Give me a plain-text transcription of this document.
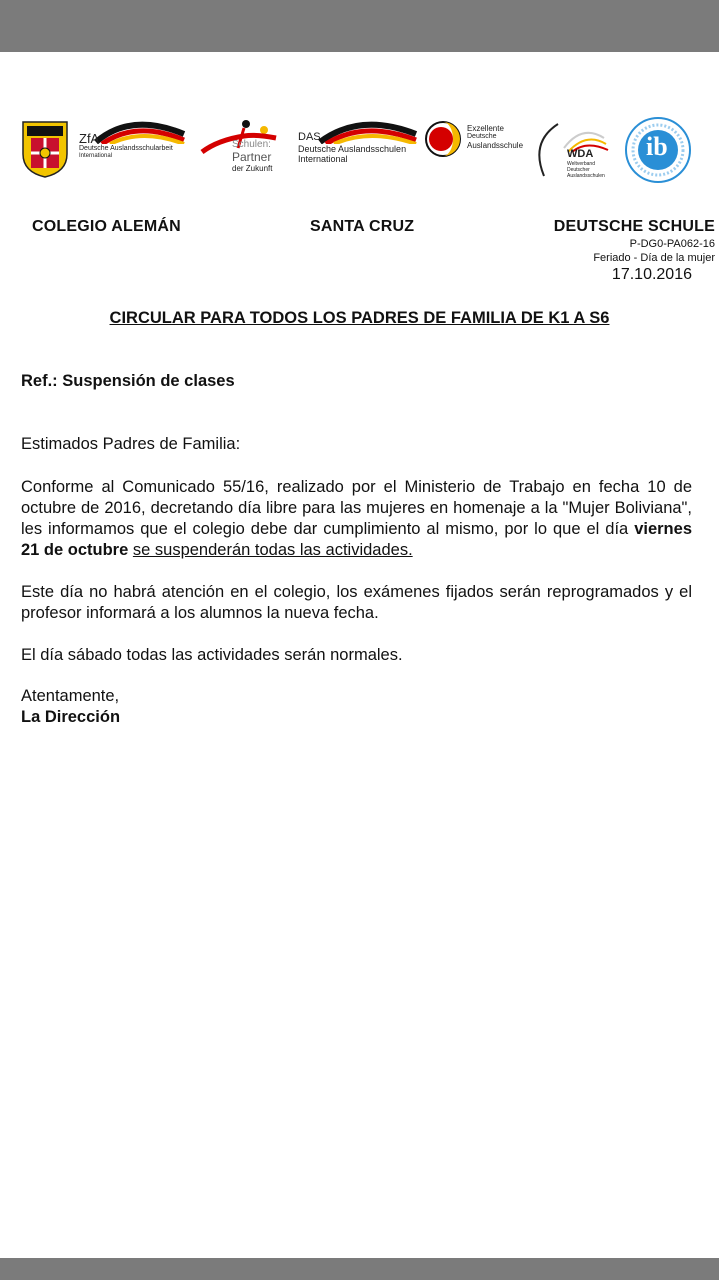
ZfA
Deutsche Auslandsschularbeit
International
Schulen:
Partner
der Zukunft
DAS
Deutsche Auslandsschulen
International
Exzellente
Deutsche
Auslandsschule
WDA
Weltverband
Deutscher
Auslandsschulen
ib
COLEGIO ALEMÁN	SANTA CRUZ	DEUTSCHE SCHULE
P-DG0-PA062-16
Feriado - Día de la mujer
17.10.2016
CIRCULAR PARA TODOS LOS PADRES DE FAMILIA DE K1 A S6
Ref.: Suspensión de clases
Estimados Padres de Familia:
Conforme al Comunicado 55/16, realizado por el Ministerio de Trabajo en fecha 10 de octubre de 2016, decretando día libre para las mujeres en homenaje a la "Mujer Boliviana", les informamos que el colegio debe dar cumplimiento al mismo, por lo que el día viernes 21 de octubre se suspenderán todas las actividades.
Este día no habrá atención en el colegio, los exámenes fijados serán reprogramados y el profesor informará a los alumnos la nueva fecha.
El día sábado todas las actividades serán normales.
Atentamente,
La Dirección
